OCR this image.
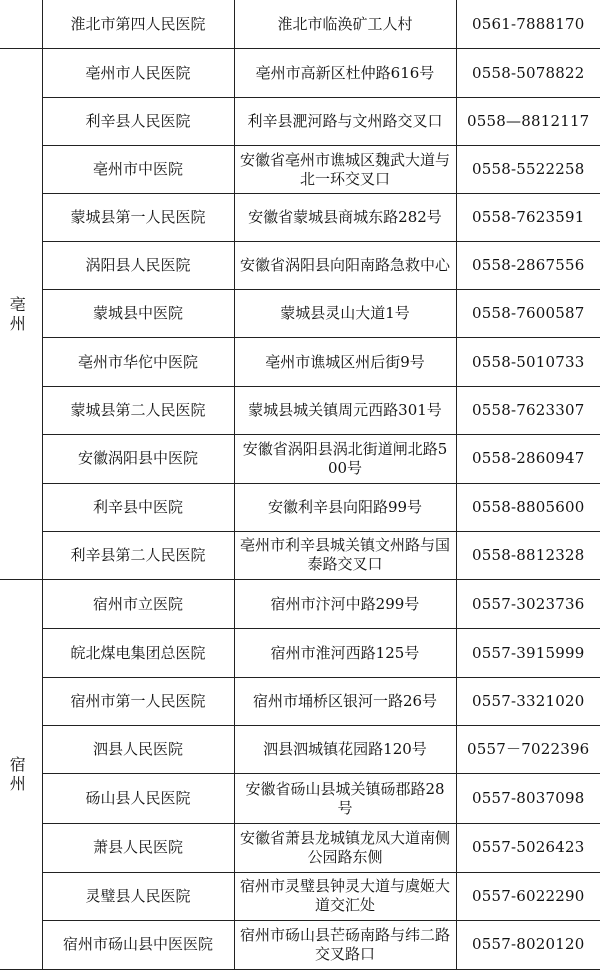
	淮北市第四人民医院	淮北市临涣矿工人村	0561-7888170
亳州	亳州市人民医院	亳州市高新区杜仲路616号	0558-5078822
	利辛县人民医院	利辛县淝河路与文州路交叉口	0558—8812117
	亳州市中医院	安徽省亳州市谯城区魏武大道与北一环交叉口	0558-5522258
	蒙城县第一人民医院	安徽省蒙城县商城东路282号	0558-7623591
	涡阳县人民医院	安徽省涡阳县向阳南路急救中心	0558-2867556
	蒙城县中医院	蒙城县灵山大道1号	0558-7600587
	亳州市华佗中医院	亳州市谯城区州后街9号	0558-5010733
	蒙城县第二人民医院	蒙城县城关镇周元西路301号	0558-7623307
	安徽涡阳县中医院	安徽省涡阳县涡北街道闸北路500号	0558-2860947
	利辛县中医院	安徽利辛县向阳路99号	0558-8805600
	利辛县第二人民医院	亳州市利辛县城关镇文州路与国泰路交叉口	0558-8812328
宿州	宿州市立医院	宿州市汴河中路299号	0557-3023736
	皖北煤电集团总医院	宿州市淮河西路125号	0557-3915999
	宿州市第一人民医院	宿州市埇桥区银河一路26号	0557-3321020
	泗县人民医院	泗县泗城镇花园路120号	0557－7022396
	砀山县人民医院	安徽省砀山县城关镇砀郡路28号	0557-8037098
	萧县人民医院	安徽省萧县龙城镇龙凤大道南侧公园路东侧	0557-5026423
	灵璧县人民医院	宿州市灵璧县钟灵大道与虞姬大道交汇处	0557-6022290
	宿州市砀山县中医医院	宿州市砀山县芒砀南路与纬二路交叉路口	0557-8020120
